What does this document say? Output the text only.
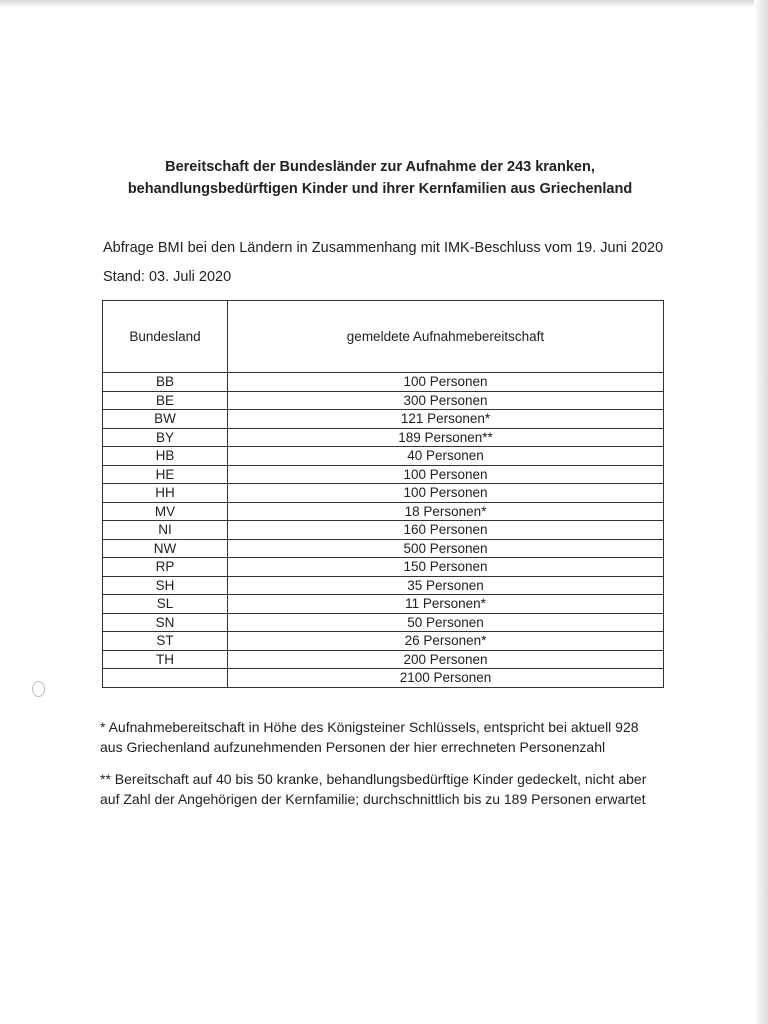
Bereitschaft der Bundesländer zur Aufnahme der 243 kranken,
behandlungsbedürftigen Kinder und ihrer Kernfamilien aus Griechenland
Abfrage BMI bei den Ländern in Zusammenhang mit IMK-Beschluss vom 19. Juni 2020
Stand: 03. Juli 2020
Bundesland	gemeldete Aufnahmebereitschaft
BB	100 Personen
BE	300 Personen
BW	121 Personen*
BY	189 Personen**
HB	40 Personen
HE	100 Personen
HH	100 Personen
MV	18 Personen*
NI	160 Personen
NW	500 Personen
RP	150 Personen
SH	35 Personen
SL	11 Personen*
SN	50 Personen
ST	26 Personen*
TH	200 Personen
	2100 Personen
* Aufnahmebereitschaft in Höhe des Königsteiner Schlüssels, entspricht bei aktuell 928
aus Griechenland aufzunehmenden Personen der hier errechneten Personenzahl
** Bereitschaft auf 40 bis 50 kranke, behandlungsbedürftige Kinder gedeckelt, nicht aber
auf Zahl der Angehörigen der Kernfamilie; durchschnittlich bis zu 189 Personen erwartet
